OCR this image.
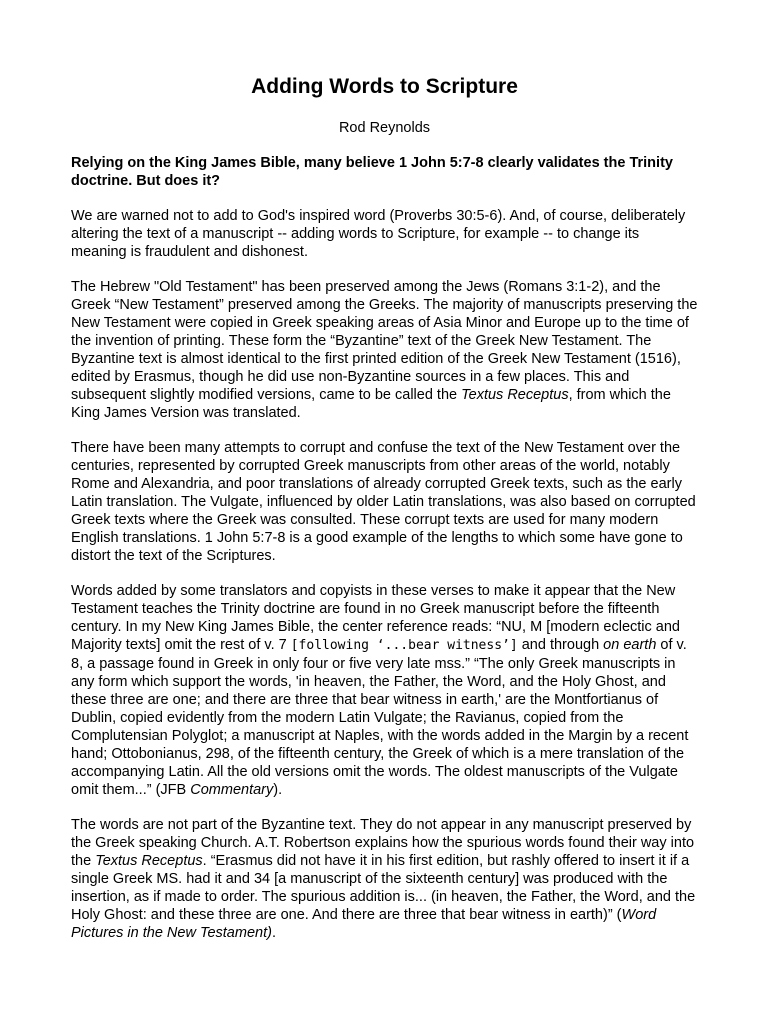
Adding Words to Scripture
Rod Reynolds
Relying on the King James Bible, many believe 1 John 5:7-8 clearly validates the Trinity doctrine. But does it?

We are warned not to add to God's inspired word (Proverbs 30:5-6). And, of course, deliberately altering the text of a manuscript -- adding words to Scripture, for example -- to change its meaning is fraudulent and dishonest.

The Hebrew "Old Testament" has been preserved among the Jews (Romans 3:1-2), and the Greek “New Testament” preserved among the Greeks. The majority of manuscripts preserving the New Testament were copied in Greek speaking areas of Asia Minor and Europe up to the time of the invention of printing. These form the “Byzantine” text of the Greek New Testament. The Byzantine text is almost identical to the first printed edition of the Greek New Testament (1516), edited by Erasmus, though he did use non-Byzantine sources in a few places. This and subsequent slightly modified versions, came to be called the Textus Receptus, from which the King James Version was translated.

There have been many attempts to corrupt and confuse the text of the New Testament over the centuries, represented by corrupted Greek manuscripts from other areas of the world, notably Rome and Alexandria, and poor translations of already corrupted Greek texts, such as the early Latin translation. The Vulgate, influenced by older Latin translations, was also based on corrupted Greek texts where the Greek was consulted. These corrupt texts are used for many modern English translations. 1 John 5:7-8 is a good example of the lengths to which some have gone to distort the text of the Scriptures.

Words added by some translators and copyists in these verses to make it appear that the New Testament teaches the Trinity doctrine are found in no Greek manuscript before the fifteenth century. In my New King James Bible, the center reference reads: “NU, M [modern eclectic and Majority texts] omit the rest of v. 7 [following ‘...bear witness’] and through on earth of v. 8, a passage found in Greek in only four or five very late mss.” “The only Greek manuscripts in any form which support the words, 'in heaven, the Father, the Word, and the Holy Ghost, and these three are one; and there are three that bear witness in earth,' are the Montfortianus of Dublin, copied evidently from the modern Latin Vulgate; the Ravianus, copied from the Complutensian Polyglot; a manuscript at Naples, with the words added in the Margin by a recent hand; Ottobonianus, 298, of the fifteenth century, the Greek of which is a mere translation of the accompanying Latin. All the old versions omit the words. The oldest manuscripts of the Vulgate omit them...” (JFB Commentary).

The words are not part of the Byzantine text. They do not appear in any manuscript preserved by the Greek speaking Church. A.T. Robertson explains how the spurious words found their way into the Textus Receptus. “Erasmus did not have it in his first edition, but rashly offered to insert it if a single Greek MS. had it and 34 [a manuscript of the sixteenth century] was produced with the insertion, as if made to order. The spurious addition is... (in heaven, the Father, the Word, and the Holy Ghost: and these three are one. And there are three that bear witness in earth)” (Word Pictures in the New Testament).
